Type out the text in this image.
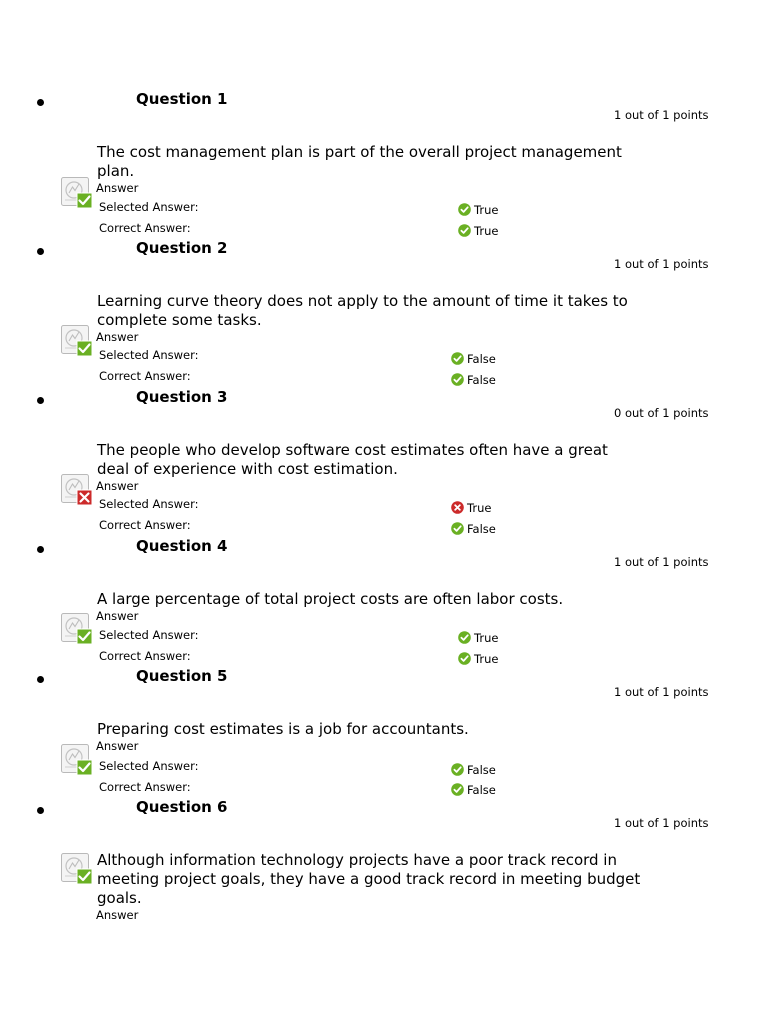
Question 1
1 out of 1 points
The cost management plan is part of the overall project management plan.
Answer
Selected Answer:	True
Correct Answer:	True
Question 2
1 out of 1 points
Learning curve theory does not apply to the amount of time it takes to complete some tasks.
Answer
Selected Answer:	False
Correct Answer:	False
Question 3
0 out of 1 points
The people who develop software cost estimates often have a great deal of experience with cost estimation.
Answer
Selected Answer:	True
Correct Answer:	False
Question 4
1 out of 1 points
A large percentage of total project costs are often labor costs.
Answer
Selected Answer:	True
Correct Answer:	True
Question 5
1 out of 1 points
Preparing cost estimates is a job for accountants.
Answer
Selected Answer:	False
Correct Answer:	False
Question 6
1 out of 1 points
Although information technology projects have a poor track record in meeting project goals, they have a good track record in meeting budget goals.
Answer
